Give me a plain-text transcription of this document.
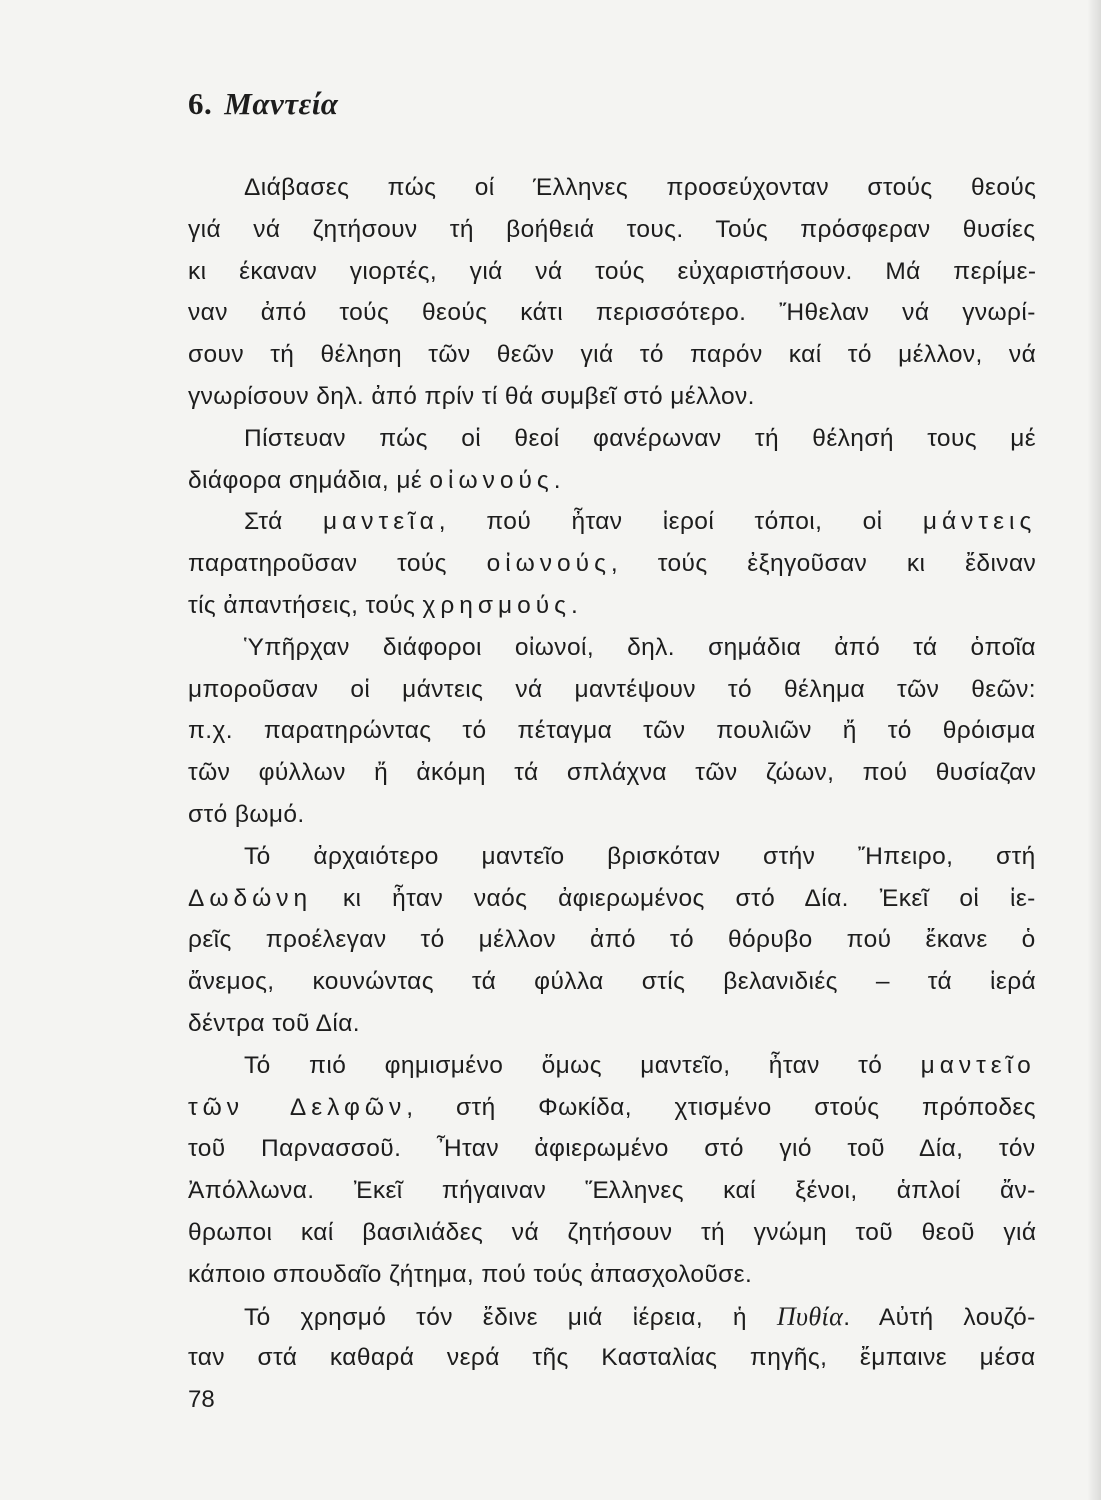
6. Μαντεία
Διάβασες πώς οί Έλληνες προσεύχονταν στούς θεούς
γιά νά ζητήσουν τή βοήθειά τους. Τούς πρόσφεραν θυσίες
κι έκαναν γιορτές, γιά νά τούς εὐχαριστήσουν. Μά περίμε-
ναν ἀπό τούς θεούς κάτι περισσότερο. Ἤθελαν νά γνωρί-
σουν τή θέληση τῶν θεῶν γιά τό παρόν καί τό μέλλον, νά
γνωρίσουν δηλ. ἀπό πρίν τί θά συμβεῖ στό μέλλον.
Πίστευαν πώς οἱ θεοί φανέρωναν τή θέλησή τους μέ
διάφορα σημάδια, μέ οἰωνούς.
Στά μαντεῖα, πού ἦταν ἱεροί τόποι, οἱ μάντεις
παρατηροῦσαν τούς οἰωνούς, τούς ἐξηγοῦσαν κι ἔδιναν
τίς ἀπαντήσεις, τούς χρησμούς.
Ὑπῆρχαν διάφοροι οἰωνοί, δηλ. σημάδια ἀπό τά ὁποῖα
μποροῦσαν οἱ μάντεις νά μαντέψουν τό θέλημα τῶν θεῶν:
π.χ. παρατηρώντας τό πέταγμα τῶν πουλιῶν ἤ τό θρόισμα
τῶν φύλλων ἤ ἀκόμη τά σπλάχνα τῶν ζώων, πού θυσίαζαν
στό βωμό.
Τό ἀρχαιότερο μαντεῖο βρισκόταν στήν Ἤπειρο, στή
Δωδώνη κι ἦταν ναός ἀφιερωμένος στό Δία. Ἐκεῖ οἱ ἱε-
ρεῖς προέλεγαν τό μέλλον ἀπό τό θόρυβο πού ἔκανε ὁ
ἄνεμος, κουνώντας τά φύλλα στίς βελανιδιές – τά ἱερά
δέντρα τοῦ Δία.
Τό πιό φημισμένο ὅμως μαντεῖο, ἦταν τό μαντεῖο
τῶν Δελφῶν, στή Φωκίδα, χτισμένο στούς πρόποδες
τοῦ Παρνασσοῦ. Ἦταν ἀφιερωμένο στό γιό τοῦ Δία, τόν
Ἀπόλλωνα. Ἐκεῖ πήγαιναν Ἕλληνες καί ξένοι, ἁπλοί ἄν-
θρωποι καί βασιλιάδες νά ζητήσουν τή γνώμη τοῦ θεοῦ γιά
κάποιο σπουδαῖο ζήτημα, πού τούς ἀπασχολοῦσε.
Τό χρησμό τόν ἔδινε μιά ἱέρεια, ἡ Πυθία. Αὐτή λουζό-
ταν στά καθαρά νερά τῆς Κασταλίας πηγῆς, ἔμπαινε μέσα
78
